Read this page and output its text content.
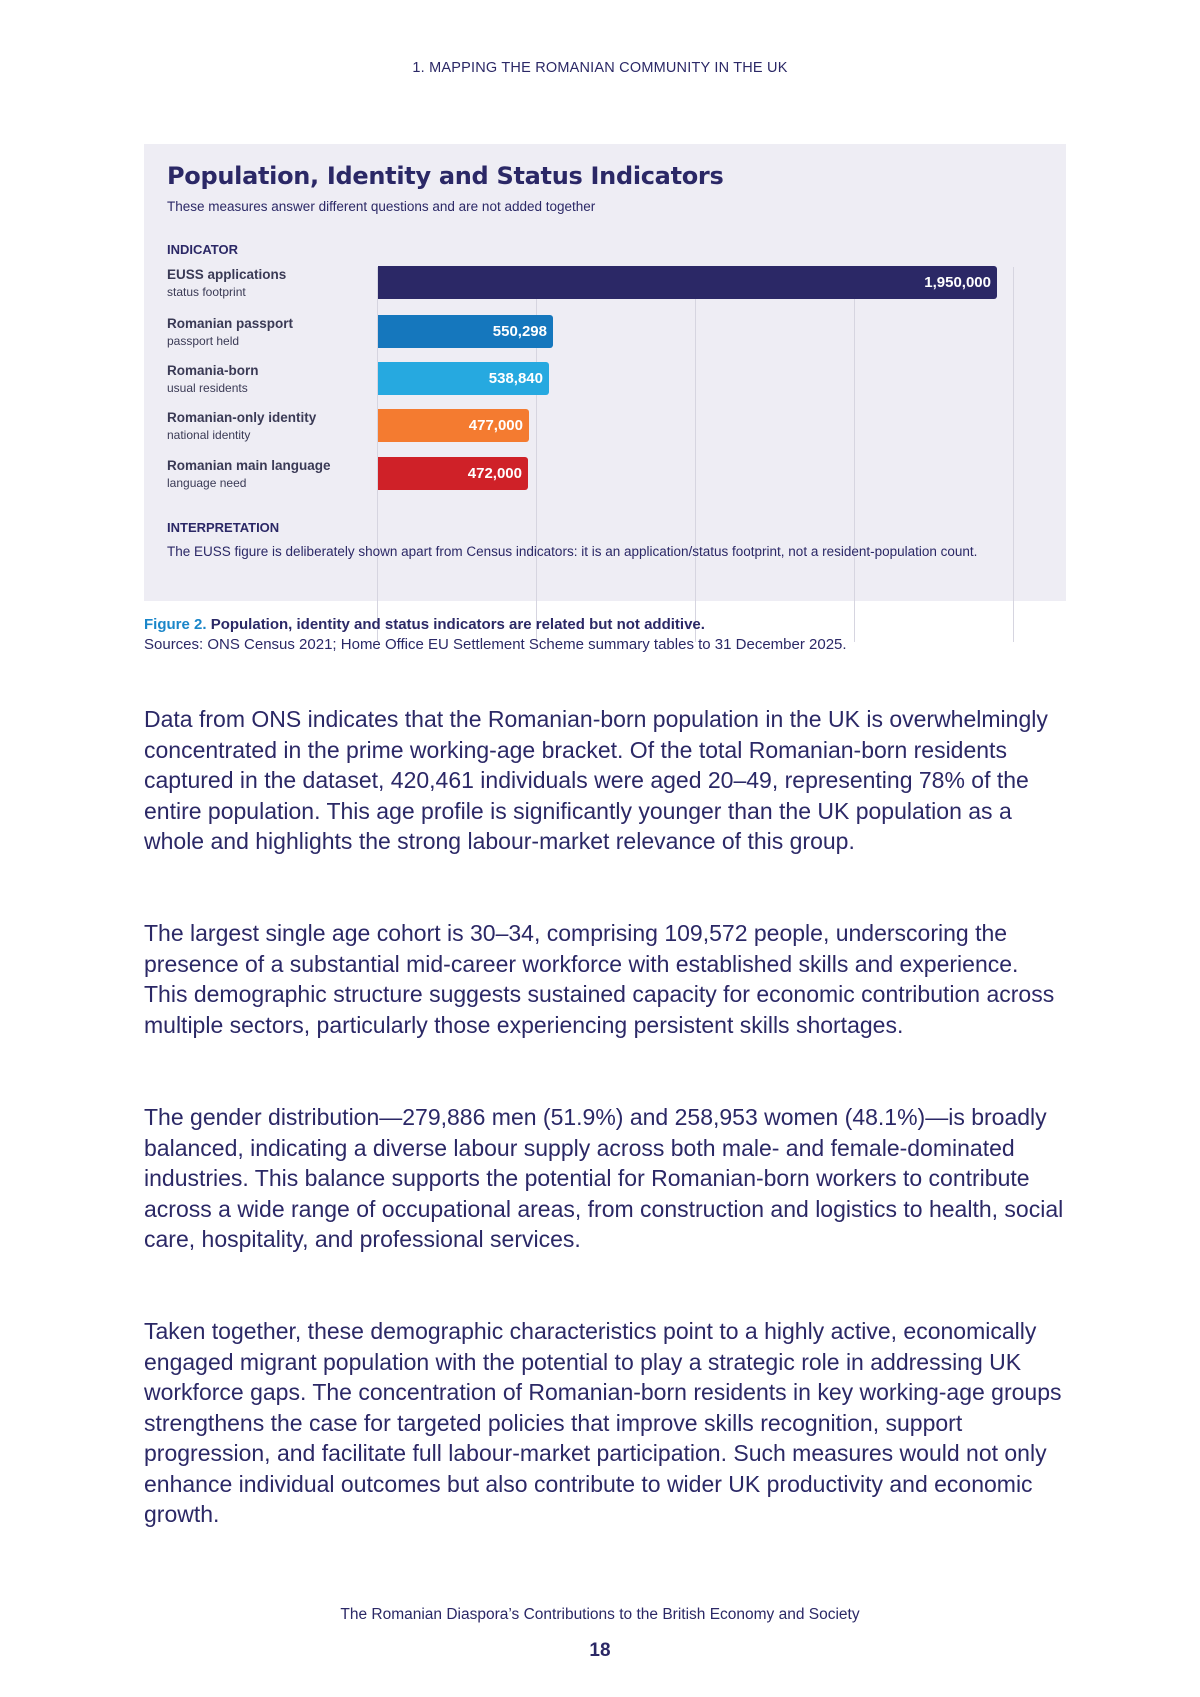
1. MAPPING THE ROMANIAN COMMUNITY IN THE UK
Population, Identity and Status Indicators
These measures answer different questions and are not added together
INDICATOR
EUSS applications
status footprint
1,950,000
Romanian passport
passport held
550,298
Romania-born
usual residents
538,840
Romanian-only identity
national identity
477,000
Romanian main language
language need
472,000
INTERPRETATION
The EUSS figure is deliberately shown apart from Census indicators: it is an application/status footprint, not a resident-population count.
Figure 2. Population, identity and status indicators are related but not additive.
Sources: ONS Census 2021; Home Office EU Settlement Scheme summary tables to 31 December 2025.

Data from ONS indicates that the Romanian-born population in the UK is overwhelmingly concentrated in the prime working-age bracket. Of the total Romanian-born residents captured in the dataset, 420,461 individuals were aged 20–49, representing 78% of the entire population. This age profile is significantly younger than the UK population as a whole and highlights the strong labour-market relevance of this group.

The largest single age cohort is 30–34, comprising 109,572 people, underscoring the presence of a substantial mid-career workforce with established skills and experience. This demographic structure suggests sustained capacity for economic contribution across multiple sectors, particularly those experiencing persistent skills shortages.

The gender distribution—279,886 men (51.9%) and 258,953 women (48.1%)—is broadly balanced, indicating a diverse labour supply across both male- and female-dominated industries. This balance supports the potential for Romanian-born workers to contribute across a wide range of occupational areas, from construction and logistics to health, social care, hospitality, and professional services.

Taken together, these demographic characteristics point to a highly active, economically engaged migrant population with the potential to play a strategic role in addressing UK workforce gaps. The concentration of Romanian-born residents in key working-age groups strengthens the case for targeted policies that improve skills recognition, support progression, and facilitate full labour-market participation. Such measures would not only enhance individual outcomes but also contribute to wider UK productivity and economic growth.

The Romanian Diaspora’s Contributions to the British Economy and Society
18
